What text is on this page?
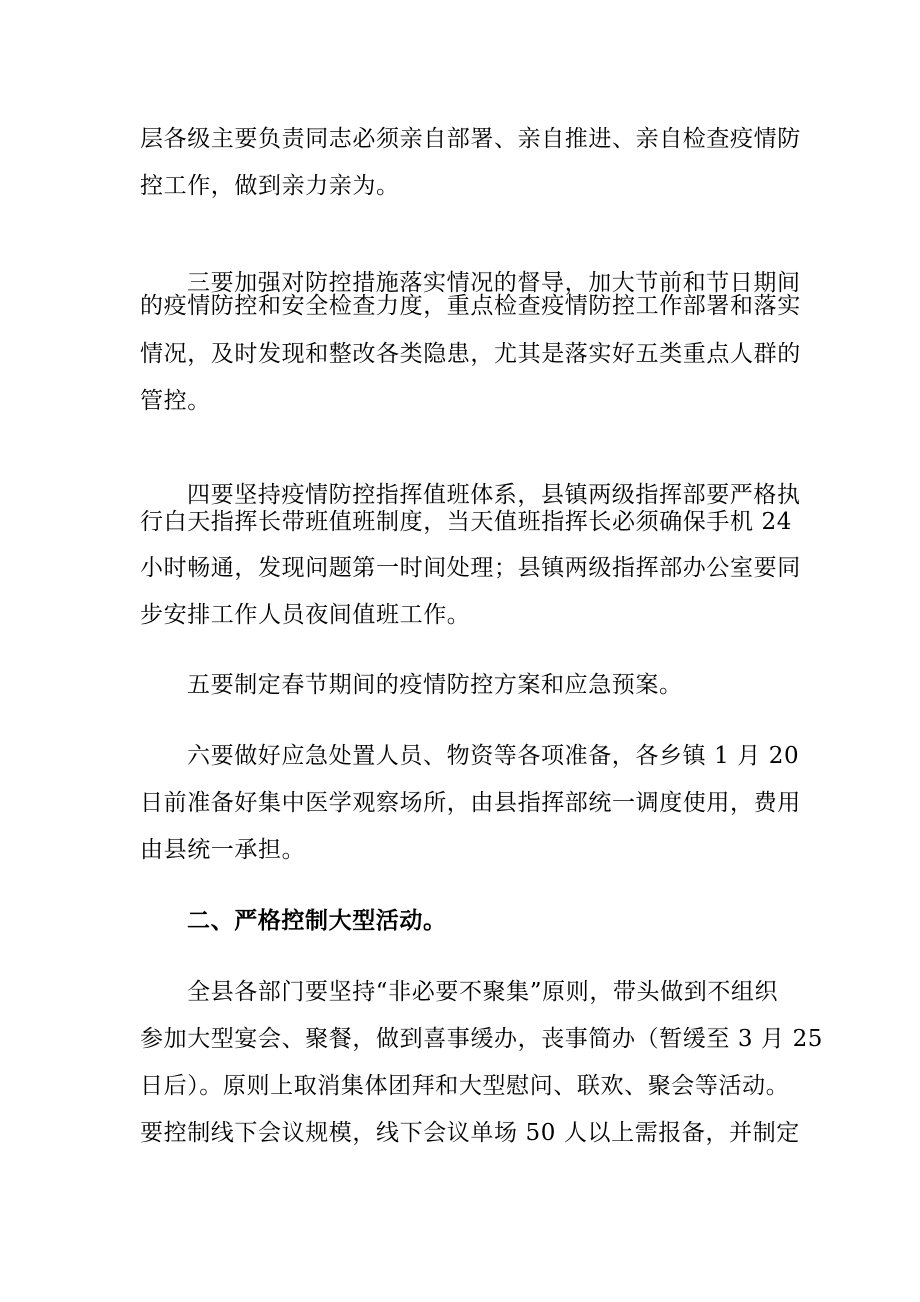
层各级主要负责同志必须亲自部署、亲自推进、亲自检查疫情防
控工作，做到亲力亲为。
三要加强对防控措施落实情况的督导，加大节前和节日期间
的疫情防控和安全检查力度，重点检查疫情防控工作部署和落实
情况，及时发现和整改各类隐患，尤其是落实好五类重点人群的
管控。
四要坚持疫情防控指挥值班体系，县镇两级指挥部要严格执
行白天指挥长带班值班制度，当天值班指挥长必须确保手机 24
小时畅通，发现问题第一时间处理；县镇两级指挥部办公室要同
步安排工作人员夜间值班工作。
五要制定春节期间的疫情防控方案和应急预案。
六要做好应急处置人员、物资等各项准备，各乡镇 1 月 20
日前准备好集中医学观察场所，由县指挥部统一调度使用，费用
由县统一承担。
二、严格控制大型活动。
全县各部门要坚持“非必要不聚集”原则，带头做到不组织
参加大型宴会、聚餐，做到喜事缓办，丧事简办（暂缓至 3 月 25
日后）。原则上取消集体团拜和大型慰问、联欢、聚会等活动。
要控制线下会议规模，线下会议单场 50 人以上需报备，并制定
